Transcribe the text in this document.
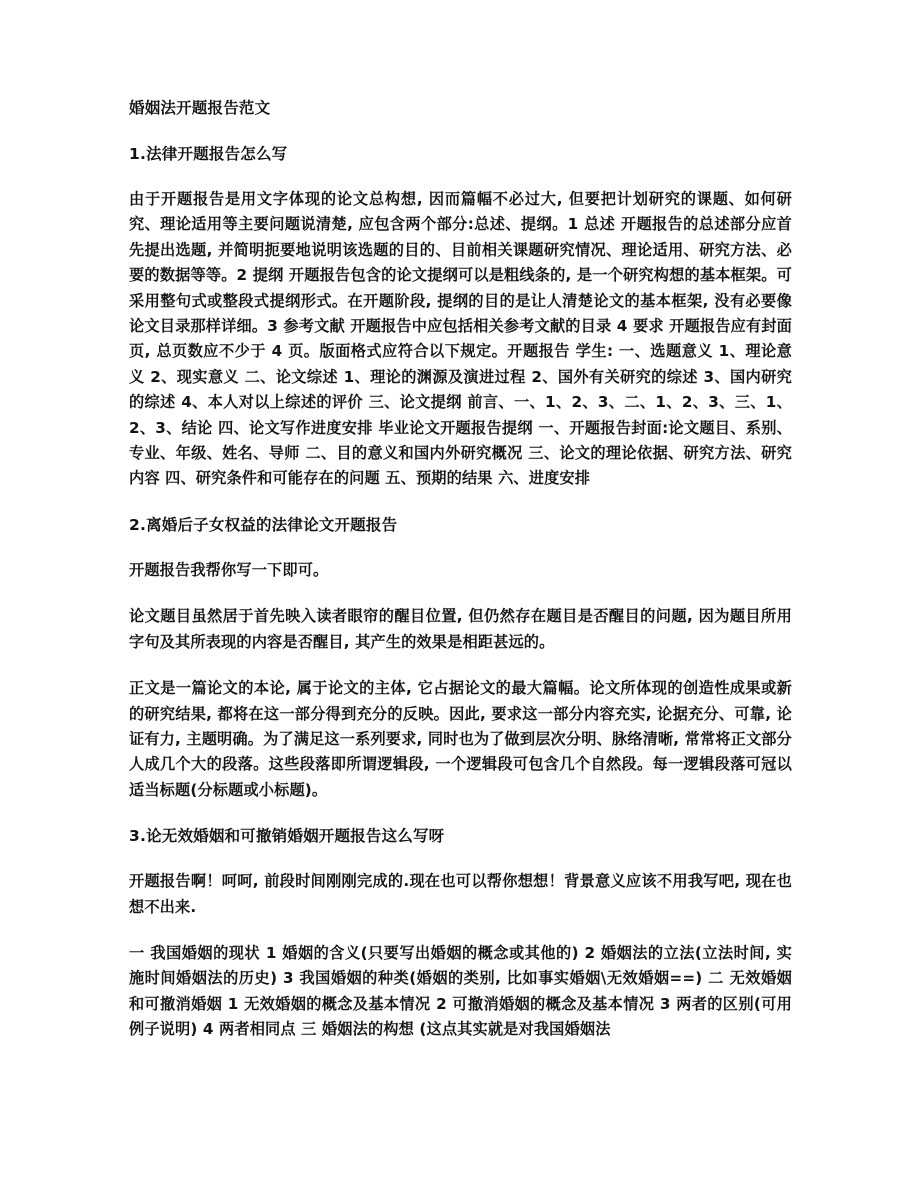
婚姻法开题报告范文
1.法律开题报告怎么写

由于开题报告是用文字体现的论文总构想, 因而篇幅不必过大, 但要把计划研究的课题、如何研究、理论适用等主要问题说清楚, 应包含两个部分:总述、提纲。1 总述 开题报告的总述部分应首先提出选题, 并简明扼要地说明该选题的目的、目前相关课题研究情况、理论适用、研究方法、必要的数据等等。2 提纲 开题报告包含的论文提纲可以是粗线条的, 是一个研究构想的基本框架。可采用整句式或整段式提纲形式。在开题阶段, 提纲的目的是让人清楚论文的基本框架, 没有必要像论文目录那样详细。3 参考文献 开题报告中应包括相关参考文献的目录 4 要求 开题报告应有封面页, 总页数应不少于 4 页。版面格式应符合以下规定。开题报告 学生: 一、选题意义 1、理论意义 2、现实意义 二、论文综述 1、理论的渊源及演进过程 2、国外有关研究的综述 3、国内研究的综述 4、本人对以上综述的评价 三、论文提纲 前言、一、1、2、3、二、1、2、3、三、1、2、3、结论 四、论文写作进度安排 毕业论文开题报告提纲 一、开题报告封面:论文题目、系别、专业、年级、姓名、导师 二、目的意义和国内外研究概况 三、论文的理论依据、研究方法、研究内容 四、研究条件和可能存在的问题 五、预期的结果 六、进度安排

2.离婚后子女权益的法律论文开题报告

开题报告我帮你写一下即可。

论文题目虽然居于首先映入读者眼帘的醒目位置, 但仍然存在题目是否醒目的问题, 因为题目所用字句及其所表现的内容是否醒目, 其产生的效果是相距甚远的。

正文是一篇论文的本论, 属于论文的主体, 它占据论文的最大篇幅。论文所体现的创造性成果或新的研究结果, 都将在这一部分得到充分的反映。因此, 要求这一部分内容充实, 论据充分、可靠, 论证有力, 主题明确。为了满足这一系列要求, 同时也为了做到层次分明、脉络清晰, 常常将正文部分人成几个大的段落。这些段落即所谓逻辑段, 一个逻辑段可包含几个自然段。每一逻辑段落可冠以适当标题(分标题或小标题)。

3.论无效婚姻和可撤销婚姻开题报告这么写呀

开题报告啊！呵呵, 前段时间刚刚完成的.现在也可以帮你想想！背景意义应该不用我写吧, 现在也想不出来.

一 我国婚姻的现状 1 婚姻的含义(只要写出婚姻的概念或其他的) 2 婚姻法的立法(立法时间, 实施时间婚姻法的历史) 3 我国婚姻的种类(婚姻的类别, 比如事实婚姻\无效婚姻==) 二 无效婚姻和可撤消婚姻 1 无效婚姻的概念及基本情况 2 可撤消婚姻的概念及基本情况 3 两者的区别(可用例子说明) 4 两者相同点 三 婚姻法的构想 (这点其实就是对我国婚姻法
